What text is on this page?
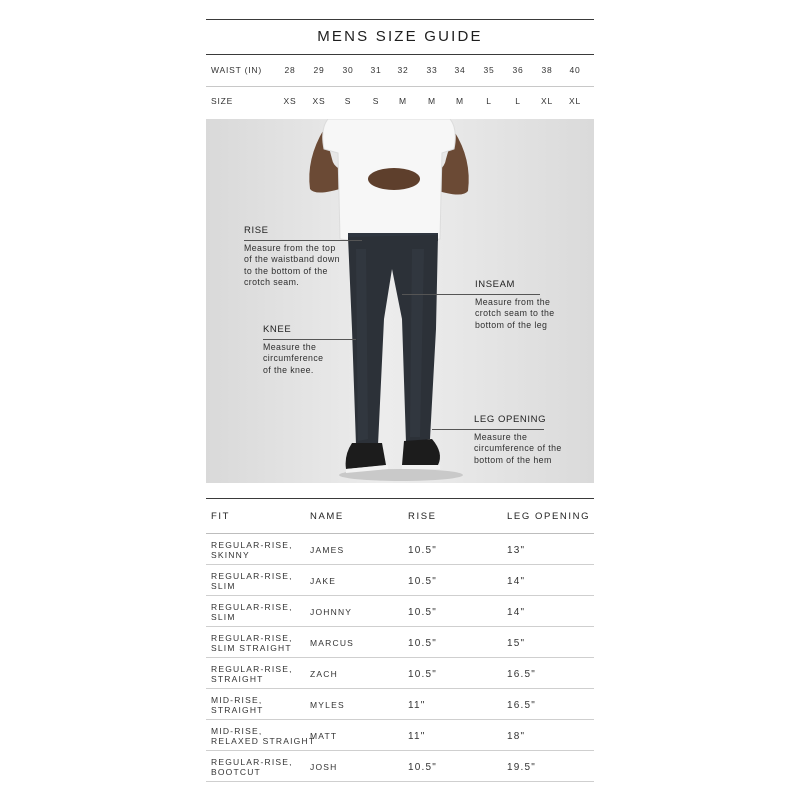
MENS SIZE GUIDE
WAIST (IN)	28	29	30	31	32	33	34	35	36	38	40
SIZE	XS	XS	S	S	M	M	M	L	L	XL	XL
RISE
Measure from the top
of the waistband down
to the bottom of the
crotch seam.
KNEE
Measure the
circumference
of the knee.
INSEAM
Measure from the
crotch seam to the
bottom of the leg
LEG OPENING
Measure the
circumference of the
bottom of the hem
FIT	NAME	RISE	LEG OPENING
REGULAR-RISE,
SKINNY	JAMES	10.5"	13"
REGULAR-RISE,
SLIM	JAKE	10.5"	14"
REGULAR-RISE,
SLIM	JOHNNY	10.5"	14"
REGULAR-RISE,
SLIM STRAIGHT	MARCUS	10.5"	15"
REGULAR-RISE,
STRAIGHT	ZACH	10.5"	16.5"
MID-RISE,
STRAIGHT	MYLES	11"	16.5"
MID-RISE,
RELAXED STRAIGHT
MATT	11"	18"
REGULAR-RISE,
BOOTCUT	JOSH	10.5"	19.5"
